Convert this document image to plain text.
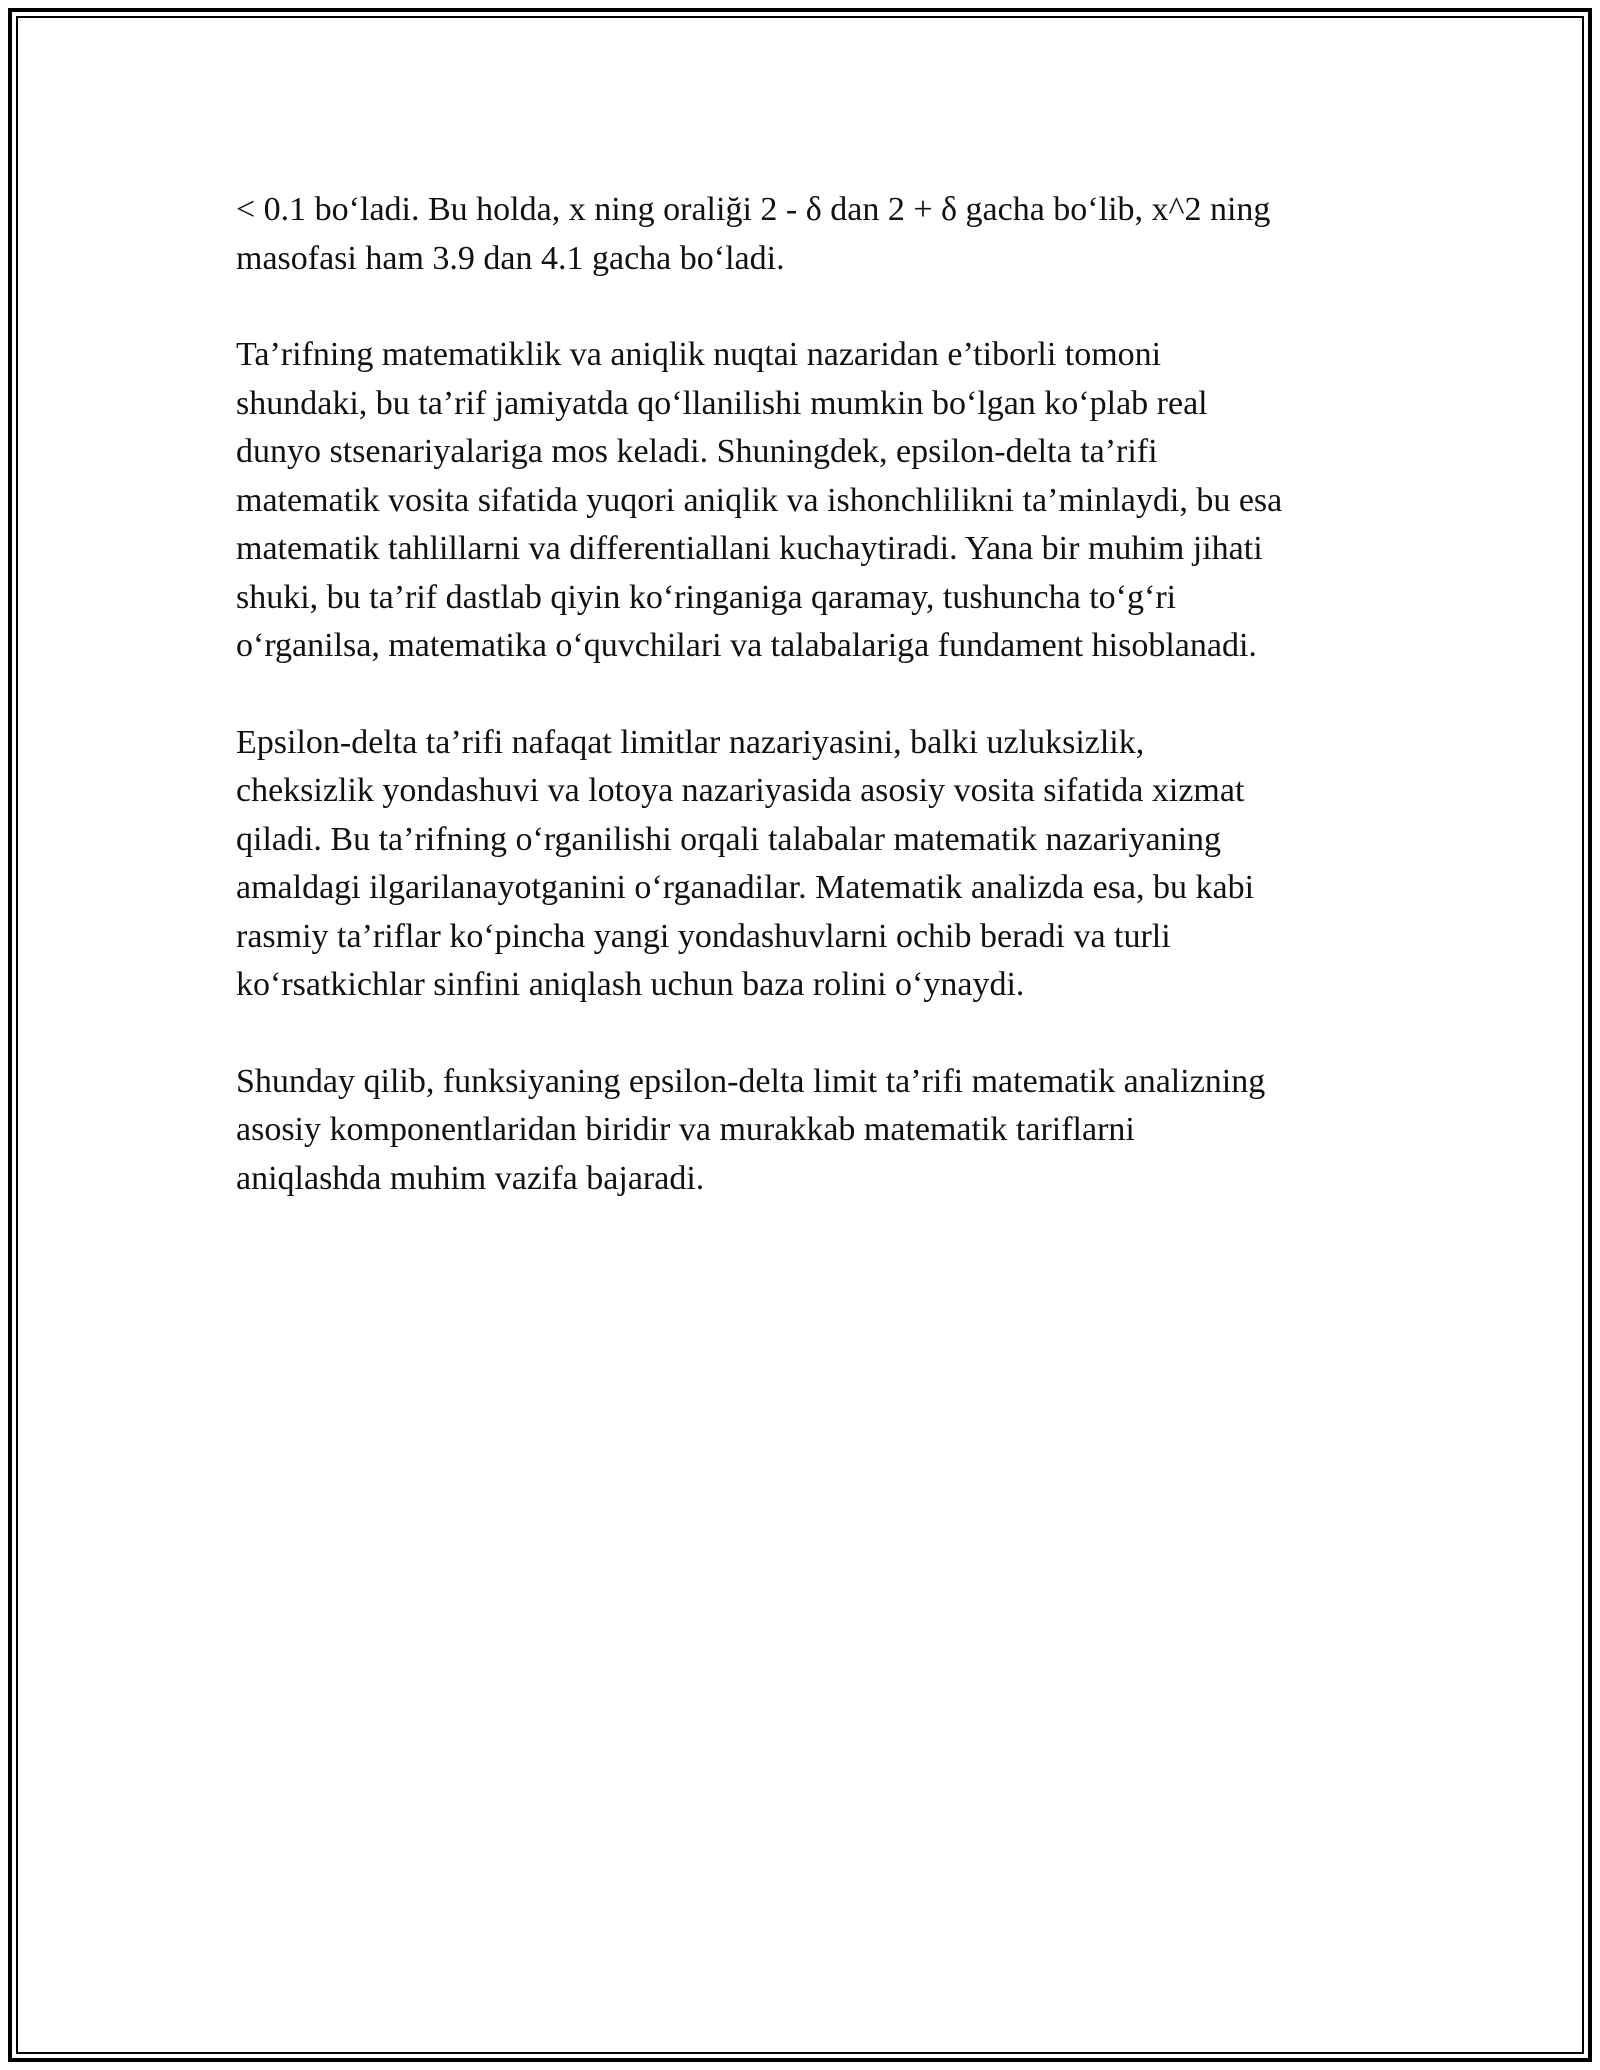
< 0.1 bo‘ladi. Bu holda, x ning oraliği 2 - δ dan 2 + δ gacha bo‘lib, x^2 ning
masofasi ham 3.9 dan 4.1 gacha bo‘ladi.

Ta’rifning matematiklik va aniqlik nuqtai nazaridan e’tiborli tomoni
shundaki, bu ta’rif jamiyatda qo‘llanilishi mumkin bo‘lgan ko‘plab real
dunyo stsenariyalariga mos keladi. Shuningdek, epsilon-delta ta’rifi
matematik vosita sifatida yuqori aniqlik va ishonchlilikni ta’minlaydi, bu esa
matematik tahlillarni va differentiallani kuchaytiradi. Yana bir muhim jihati
shuki, bu ta’rif dastlab qiyin ko‘ringaniga qaramay, tushuncha to‘g‘ri
o‘rganilsa, matematika o‘quvchilari va talabalariga fundament hisoblanadi.

Epsilon-delta ta’rifi nafaqat limitlar nazariyasini, balki uzluksizlik,
cheksizlik yondashuvi va lotoya nazariyasida asosiy vosita sifatida xizmat
qiladi. Bu ta’rifning o‘rganilishi orqali talabalar matematik nazariyaning
amaldagi ilgarilanayotganini o‘rganadilar. Matematik analizda esa, bu kabi
rasmiy ta’riflar ko‘pincha yangi yondashuvlarni ochib beradi va turli
ko‘rsatkichlar sinfini aniqlash uchun baza rolini o‘ynaydi.

Shunday qilib, funksiyaning epsilon-delta limit ta’rifi matematik analizning
asosiy komponentlaridan biridir va murakkab matematik tariflarni
aniqlashda muhim vazifa bajaradi.
